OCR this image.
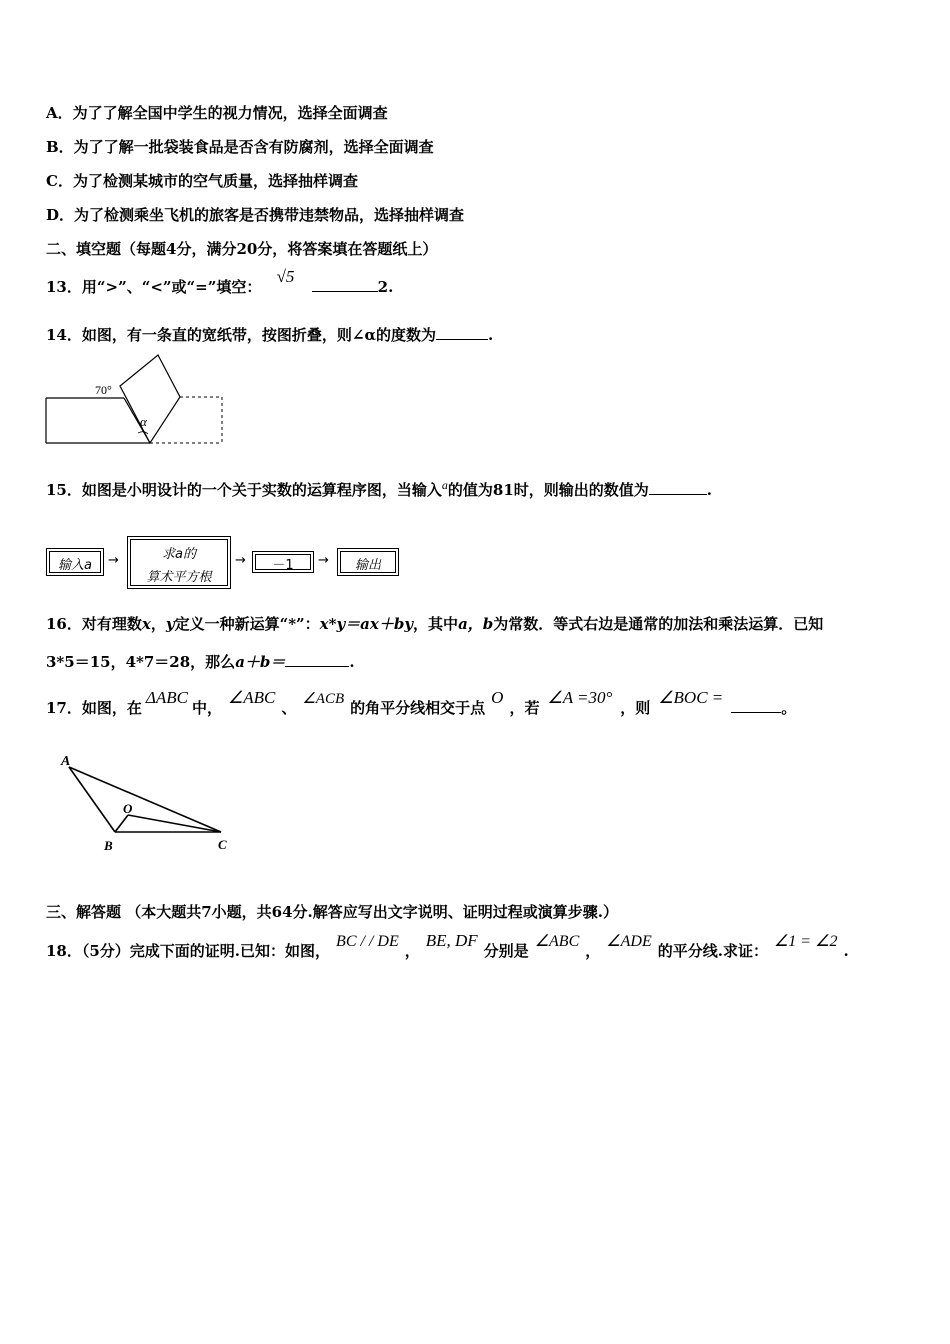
A．为了了解全国中学生的视力情况，选择全面调查
B．为了了解一批袋装食品是否含有防腐剂，选择全面调查
C．为了检测某城市的空气质量，选择抽样调查
D．为了检测乘坐飞机的旅客是否携带违禁物品，选择抽样调查
二、填空题（每题4分，满分20分，将答案填在答题纸上）
13．用“>”、“<”或“=”填空： √5 2.
14．如图，有一条直的宽纸带，按图折叠，则∠α的度数为	.
70°
α
15．如图是小明设计的一个关于实数的运算程序图，当输入$^a$的值为81时，则输出的数值为	.
输入a	→	求a的
算术平方根
→	－1	→	输出
16．对有理数x，y定义一种新运算“*”：x*y＝ax＋by，其中a，b为常数．等式右边是通常的加法和乘法运算．已知
3*5＝15，4*7＝28，那么a＋b＝	.
17．如图，在ΔABC中，∠ABC、 ∠ACB 的角平分线相交于点O，若∠A =30°，则∠BOC =。
A
B	C
O
三、解答题 （本大题共7小题，共64分.解答应写出文字说明、证明过程或演算步骤.）
18．（5分）完成下面的证明.已知：如图，BC / / DE，BE, DF分别是∠ABC，∠ADE的平分线.求证：∠1 = ∠2.
